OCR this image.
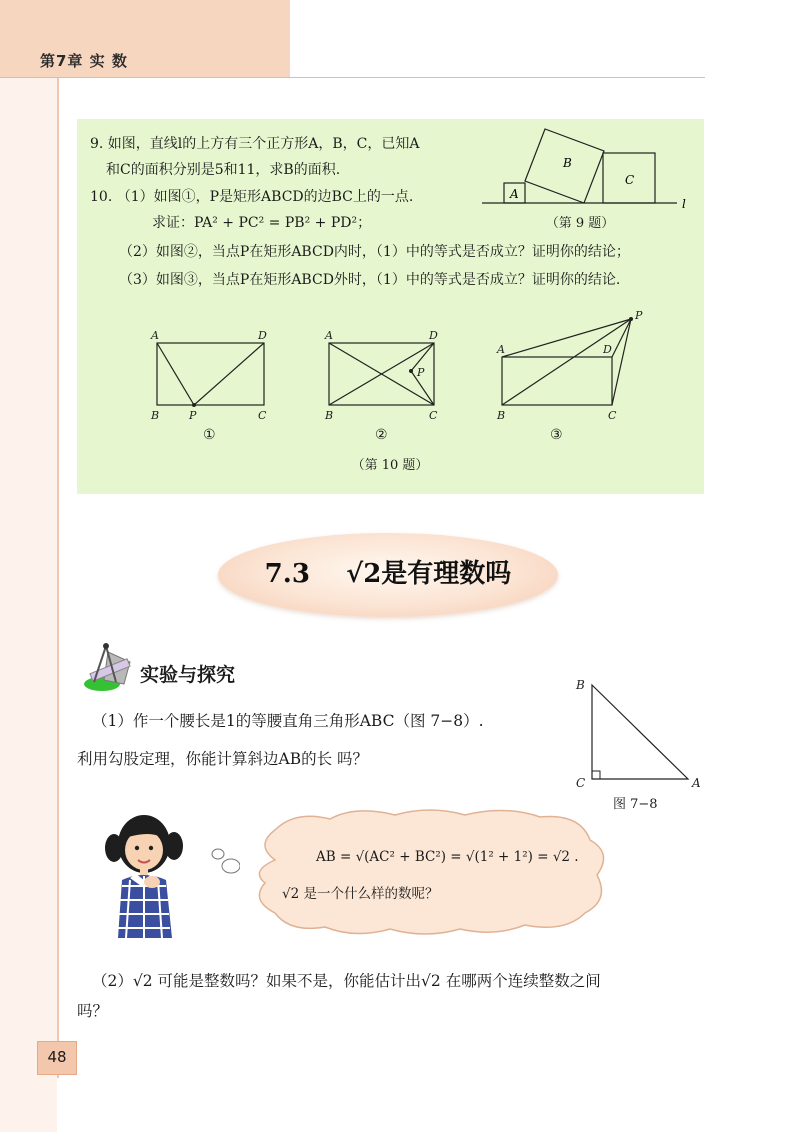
第7章 实 数
9. 如图，直线l的上方有三个正方形A，B，C，已知A
和C的面积分别是5和11，求B的面积.
10. （1）如图①，P是矩形ABCD的边BC上的一点.
求证：PA² + PC² = PB² + PD²；
（2）如图②，当点P在矩形ABCD内时，（1）中的等式是否成立？证明你的结论；
（3）如图③，当点P在矩形ABCD外时，（1）中的等式是否成立？证明你的结论.
A
B
C
l
（第 9 题）
A	D
B	P	C
A	D
B
P
C
A	D
B
P
C
①	②	③
（第 10 题）
7.3 √2是有理数吗
实验与探究
（1）作一个腰长是1的等腰直角三角形ABC（图 7−8）.
利用勾股定理，你能计算斜边AB的长 吗？
B
C	A
图 7−8
AB = √(AC² + BC²) = √(1² + 1²) = √2 .
√2 是一个什么样的数呢？
（2）√2 可能是整数吗？如果不是，你能估计出√2 在哪两个连续整数之间
吗？
48
